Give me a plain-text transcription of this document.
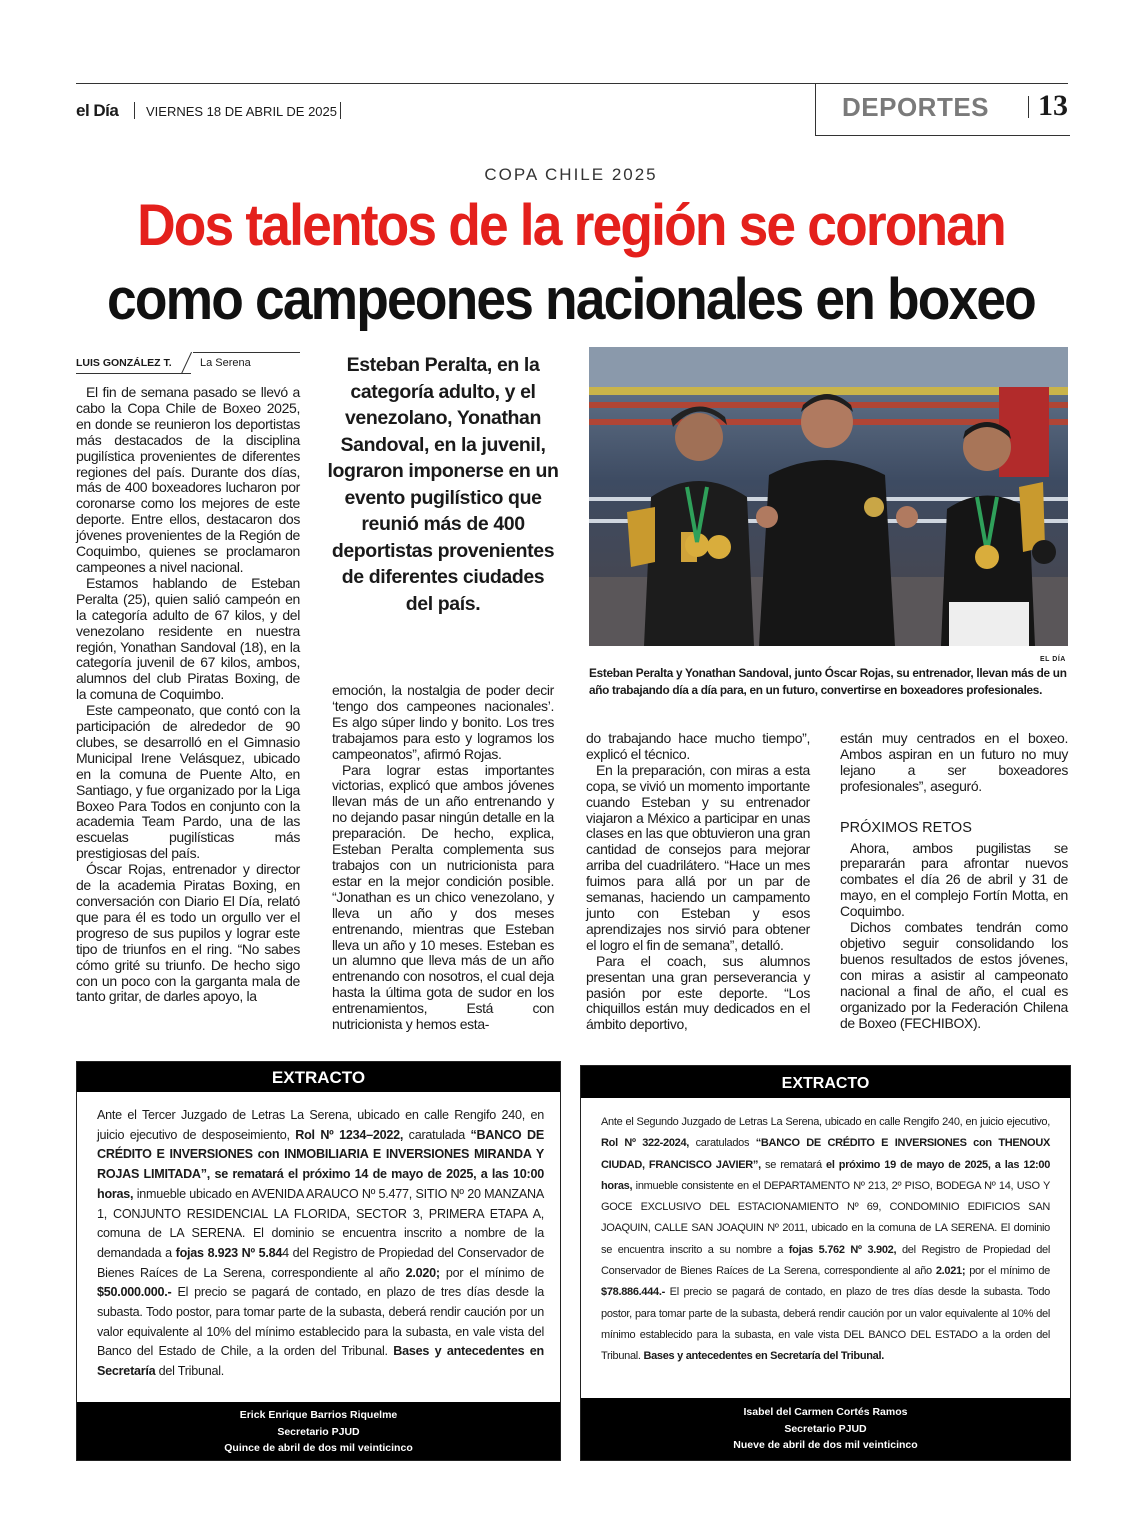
el Día VIERNES 18 DE ABRIL DE 2025	DEPORTES 13
COPA CHILE 2025
Dos talentos de la región se coronan
como campeones nacionales en boxeo
LUIS GONZÁLEZ T.	La Serena

El fin de semana pasado se llevó a cabo la Copa Chile de Boxeo 2025, en donde se reunieron los deportistas más destacados de la disciplina pugilística provenientes de diferentes regiones del país. Durante dos días, más de 400 boxeadores lucharon por coronarse como los mejores de este deporte. Entre ellos, destacaron dos jóvenes provenientes de la Región de Coquimbo, quienes se proclamaron campeones a nivel nacional.

Estamos hablando de Esteban Peralta (25), quien salió campeón en la categoría adulto de 67 kilos, y del venezolano residente en nuestra región, Yonathan Sandoval (18), en la categoría juvenil de 67 kilos, ambos, alumnos del club Piratas Boxing, de la comuna de Coquimbo.

Este campeonato, que contó con la participación de alrededor de 90 clubes, se desarrolló en el Gimnasio Municipal Irene Velásquez, ubicado en la comuna de Puente Alto, en Santiago, y fue organizado por la Liga Boxeo Para Todos en conjunto con la academia Team Pardo, una de las escuelas pugilísticas más prestigiosas del país.

Óscar Rojas, entrenador y director de la academia Piratas Boxing, en conversación con Diario El Día, relató que para él es todo un orgullo ver el progreso de sus pupilos y lograr este tipo de triunfos en el ring. “No sabes cómo grité su triunfo. De hecho sigo con un poco con la garganta mala de tanto gritar, de darles apoyo, la

Esteban Peralta, en la categoría adulto, y el venezolano, Yonathan Sandoval, en la juvenil, lograron imponerse en un evento pugilístico que reunió más de 400 deportistas provenientes de diferentes ciudades del país.

emoción, la nostalgia de poder decir ‘tengo dos campeones nacionales’. Es algo súper lindo y bonito. Los tres trabajamos para esto y logramos los campeonatos”, afirmó Rojas.

Para lograr estas importantes victorias, explicó que ambos jóvenes llevan más de un año entrenando y no dejando pasar ningún detalle en la preparación. De hecho, explica, Esteban Peralta complementa sus trabajos con un nutricionista para estar en la mejor condición posible. “Jonathan es un chico venezolano, y lleva un año y dos meses entrenando, mientras que Esteban lleva un año y 10 meses. Esteban es un alumno que lleva más de un año entrenando con nosotros, el cual deja hasta la última gota de sudor en los entrenamientos, Está con nutricionista y hemos esta-

EL DÍA
Esteban Peralta y Yonathan Sandoval, junto Óscar Rojas, su entrenador, llevan más de un año trabajando día a día para, en un futuro, convertirse en boxeadores profesionales.

do trabajando hace mucho tiempo”, explicó el técnico.

En la preparación, con miras a esta copa, se vivió un momento importante cuando Esteban y su entrenador viajaron a México a participar en unas clases en las que obtuvieron una gran cantidad de consejos para mejorar arriba del cuadrilátero. “Hace un mes fuimos para allá por un par de semanas, haciendo un campamento junto con Esteban y esos aprendizajes nos sirvió para obtener el logro el fin de semana”, detalló.

Para el coach, sus alumnos presentan una gran perseverancia y pasión por este deporte. “Los chiquillos están muy dedicados en el ámbito deportivo,

están muy centrados en el boxeo. Ambos aspiran en un futuro no muy lejano a ser boxeadores profesionales”, aseguró.

PRÓXIMOS RETOS

Ahora, ambos pugilistas se prepararán para afrontar nuevos combates el día 26 de abril y 31 de mayo, en el complejo Fortín Motta, en Coquimbo.

Dichos combates tendrán como objetivo seguir consolidando los buenos resultados de estos jóvenes, con miras a asistir al campeonato nacional a final de año, el cual es organizado por la Federación Chilena de Boxeo (FECHIBOX).

EXTRACTO
Ante el Tercer Juzgado de Letras La Serena, ubicado en calle Rengifo 240, en juicio ejecutivo de desposeimiento, Rol Nº 1234–2022, caratulada “BANCO DE CRÉDITO E INVERSIONES con INMOBILIARIA E INVERSIONES MIRANDA Y ROJAS LIMITADA”, se rematará el próximo 14 de mayo de 2025, a las 10:00 horas, inmueble ubicado en AVENIDA ARAUCO Nº 5.477, SITIO Nº 20 MANZANA 1, CONJUNTO RESIDENCIAL LA FLORIDA, SECTOR 3, PRIMERA ETAPA A, comuna de LA SERENA. El dominio se encuentra inscrito a nombre de la demandada a fojas 8.923 Nº 5.844 del Registro de Propiedad del Conservador de Bienes Raíces de La Serena, correspondiente al año 2.020; por el mínimo de $50.000.000.- El precio se pagará de contado, en plazo de tres días desde la subasta. Todo postor, para tomar parte de la subasta, deberá rendir caución por un valor equivalente al 10% del mínimo establecido para la subasta, en vale vista del Banco del Estado de Chile, a la orden del Tribunal. Bases y antecedentes en Secretaría del Tribunal.
Erick Enrique Barrios Riquelme
Secretario PJUD
Quince de abril de dos mil veinticinco
EXTRACTO
Ante el Segundo Juzgado de Letras La Serena, ubicado en calle Rengifo 240, en juicio ejecutivo, Rol Nº 322-2024, caratulados “BANCO DE CRÉDITO E INVERSIONES con THENOUX CIUDAD, FRANCISCO JAVIER”, se rematará el próximo 19 de mayo de 2025, a las 12:00 horas, inmueble consistente en el DEPARTAMENTO Nº 213, 2º PISO, BODEGA Nº 14, USO Y GOCE EXCLUSIVO DEL ESTACIONAMIENTO Nº 69, CONDOMINIO EDIFICIOS SAN JOAQUIN, CALLE SAN JOAQUIN Nº 2011, ubicado en la comuna de LA SERENA. El dominio se encuentra inscrito a su nombre a fojas 5.762 Nº 3.902, del Registro de Propiedad del Conservador de Bienes Raíces de La Serena, correspondiente al año 2.021; por el mínimo de $78.886.444.- El precio se pagará de contado, en plazo de tres días desde la subasta. Todo postor, para tomar parte de la subasta, deberá rendir caución por un valor equivalente al 10% del mínimo establecido para la subasta, en vale vista DEL BANCO DEL ESTADO a la orden del Tribunal. Bases y antecedentes en Secretaría del Tribunal.
Isabel del Carmen Cortés Ramos
Secretario PJUD
Nueve de abril de dos mil veinticinco
